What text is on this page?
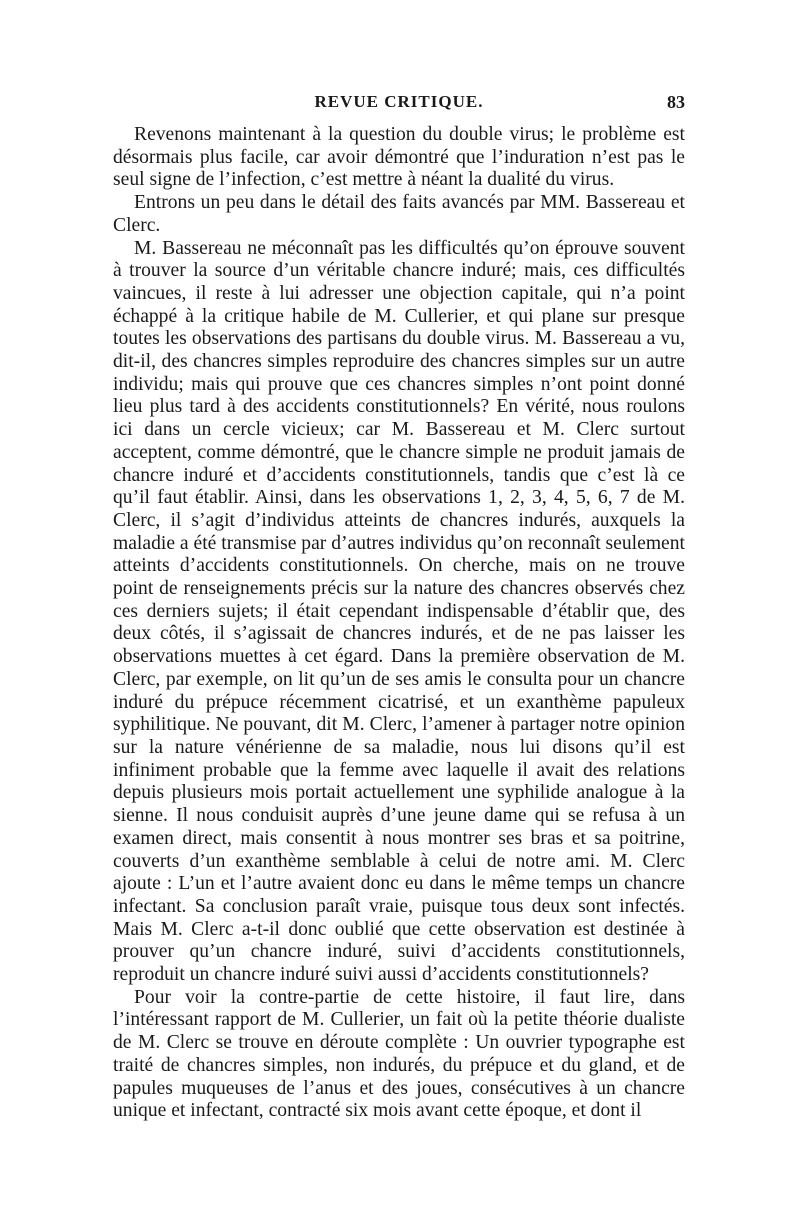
REVUE CRITIQUE.	83

Revenons maintenant à la question du double virus; le problème est désormais plus facile, car avoir démontré que l’induration n’est pas le seul signe de l’infection, c’est mettre à néant la dualité du virus.

Entrons un peu dans le détail des faits avancés par MM. Bassereau et Clerc.

M. Bassereau ne méconnaît pas les difficultés qu’on éprouve souvent à trouver la source d’un véritable chancre induré; mais, ces difficultés vaincues, il reste à lui adresser une objection capitale, qui n’a point échappé à la critique habile de M. Cullerier, et qui plane sur presque toutes les observations des partisans du double virus. M. Bassereau a vu, dit-il, des chancres simples reproduire des chancres simples sur un autre individu; mais qui prouve que ces chancres simples n’ont point donné lieu plus tard à des accidents constitutionnels? En vérité, nous roulons ici dans un cercle vicieux; car M. Bassereau et M. Clerc surtout acceptent, comme démontré, que le chancre simple ne produit jamais de chancre induré et d’accidents constitutionnels, tandis que c’est là ce qu’il faut établir. Ainsi, dans les observations 1, 2, 3, 4, 5, 6, 7 de M. Clerc, il s’agit d’individus atteints de chancres indurés, auxquels la maladie a été transmise par d’autres individus qu’on reconnaît seulement atteints d’accidents constitutionnels. On cherche, mais on ne trouve point de renseignements précis sur la nature des chancres observés chez ces derniers sujets; il était cependant indispensable d’établir que, des deux côtés, il s’agissait de chancres indurés, et de ne pas laisser les observations muettes à cet égard. Dans la première observation de M. Clerc, par exemple, on lit qu’un de ses amis le consulta pour un chancre induré du prépuce récemment cicatrisé, et un exanthème papuleux syphilitique. Ne pouvant, dit M. Clerc, l’amener à partager notre opinion sur la nature vénérienne de sa maladie, nous lui disons qu’il est infiniment probable que la femme avec laquelle il avait des relations depuis plusieurs mois portait actuellement une syphilide analogue à la sienne. Il nous conduisit auprès d’une jeune dame qui se refusa à un examen direct, mais consentit à nous montrer ses bras et sa poitrine, couverts d’un exanthème semblable à celui de notre ami. M. Clerc ajoute : L’un et l’autre avaient donc eu dans le même temps un chancre infectant. Sa conclusion paraît vraie, puisque tous deux sont infectés. Mais M. Clerc a-t-il donc oublié que cette observation est destinée à prouver qu’un chancre induré, suivi d’accidents constitutionnels, reproduit un chancre induré suivi aussi d’accidents constitutionnels?

Pour voir la contre-partie de cette histoire, il faut lire, dans l’intéressant rapport de M. Cullerier, un fait où la petite théorie dualiste de M. Clerc se trouve en déroute complète : Un ouvrier typographe est traité de chancres simples, non indurés, du prépuce et du gland, et de papules muqueuses de l’anus et des joues, consécutives à un chancre unique et infectant, contracté six mois avant cette époque, et dont il
